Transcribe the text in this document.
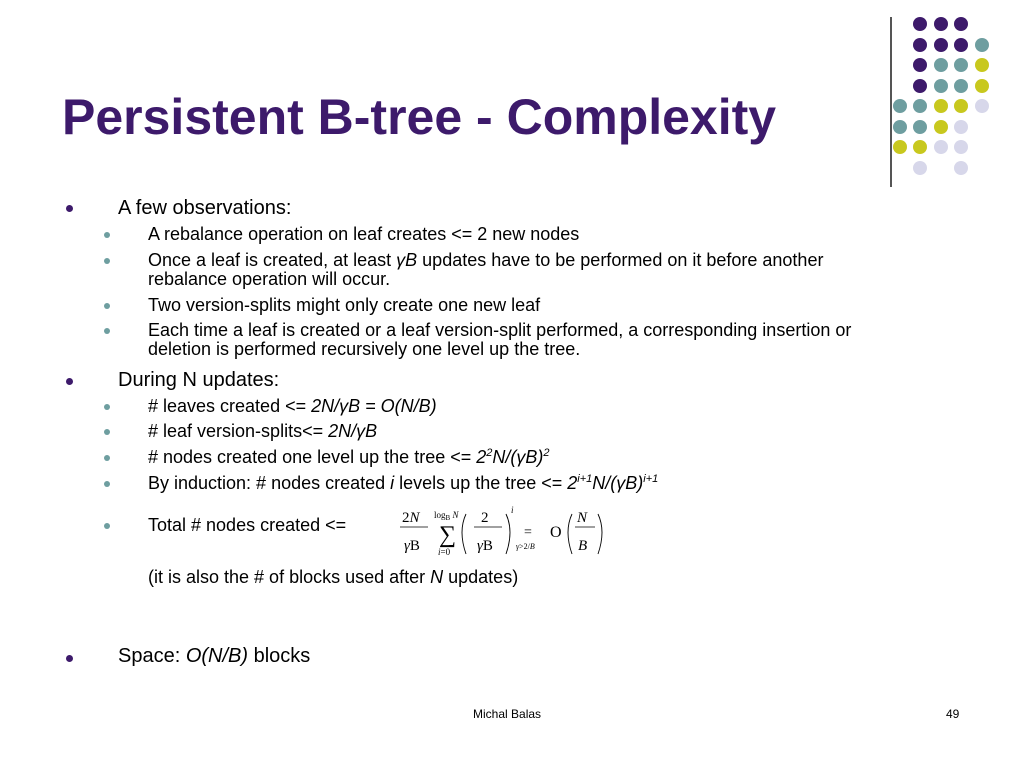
Persistent B-tree - Complexity
A few observations:
A rebalance operation on leaf creates <= 2 new nodes
Once a leaf is created, at least γB updates have to be performed on it before another rebalance operation will occur.
Two version-splits might only create one new leaf
Each time a leaf is created or a leaf version-split performed, a corresponding insertion or deletion is performed recursively one level up the tree.
During N updates:
# leaves created <= 2N/γB = O(N/B)
# leaf version-splits<= 2N/γB
# nodes created one level up the tree <= $2^2N/(\gamma B)^2$
By induction: # nodes created i levels up the tree <= $2^{i+1}N/(\gamma B)^{i+1}$
Total # nodes created <=	2N
γB
$\log_B N$
∑
i=0
2
γB
i
=
γ>2/B
O
N
B
(it is also the # of blocks used after N updates)
Space: O(N/B) blocks
Michal Balas	49
